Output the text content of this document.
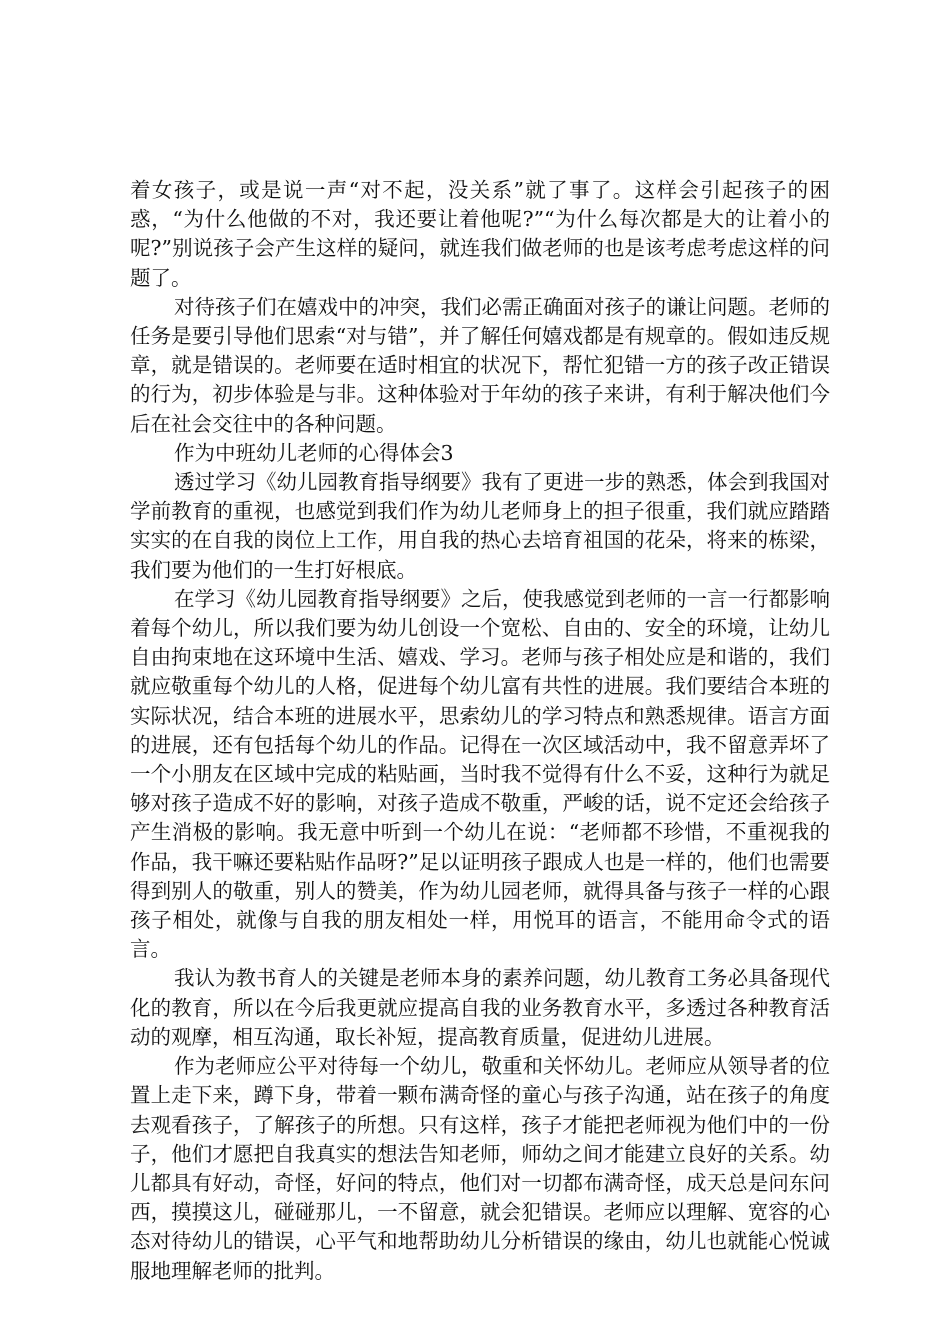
着女孩子，或是说一声“对不起，没关系”就了事了。这样会引起孩子的困惑，“为什么他做的不对，我还要让着他呢?”“为什么每次都是大的让着小的呢?”别说孩子会产生这样的疑问，就连我们做老师的也是该考虑考虑这样的问题了。

对待孩子们在嬉戏中的冲突，我们必需正确面对孩子的谦让问题。老师的任务是要引导他们思索“对与错”，并了解任何嬉戏都是有规章的。假如违反规章，就是错误的。老师要在适时相宜的状况下，帮忙犯错一方的孩子改正错误的行为，初步体验是与非。这种体验对于年幼的孩子来讲，有利于解决他们今后在社会交往中的各种问题。

作为中班幼儿老师的心得体会3

透过学习《幼儿园教育指导纲要》我有了更进一步的熟悉，体会到我国对学前教育的重视，也感觉到我们作为幼儿老师身上的担子很重，我们就应踏踏实实的在自我的岗位上工作，用自我的热心去培育祖国的花朵，将来的栋梁，我们要为他们的一生打好根底。

在学习《幼儿园教育指导纲要》之后，使我感觉到老师的一言一行都影响着每个幼儿，所以我们要为幼儿创设一个宽松、自由的、安全的环境，让幼儿自由拘束地在这环境中生活、嬉戏、学习。老师与孩子相处应是和谐的，我们就应敬重每个幼儿的人格，促进每个幼儿富有共性的进展。我们要结合本班的实际状况，结合本班的进展水平，思索幼儿的学习特点和熟悉规律。语言方面的进展，还有包括每个幼儿的作品。记得在一次区域活动中，我不留意弄坏了一个小朋友在区域中完成的粘贴画，当时我不觉得有什么不妥，这种行为就足够对孩子造成不好的影响，对孩子造成不敬重，严峻的话，说不定还会给孩子产生消极的影响。我无意中听到一个幼儿在说：“老师都不珍惜，不重视我的作品，我干嘛还要粘贴作品呀?”足以证明孩子跟成人也是一样的，他们也需要得到别人的敬重，别人的赞美，作为幼儿园老师，就得具备与孩子一样的心跟孩子相处，就像与自我的朋友相处一样，用悦耳的语言，不能用命令式的语言。

我认为教书育人的关键是老师本身的素养问题，幼儿教育工务必具备现代化的教育，所以在今后我更就应提高自我的业务教育水平，多透过各种教育活动的观摩，相互沟通，取长补短，提高教育质量，促进幼儿进展。

作为老师应公平对待每一个幼儿，敬重和关怀幼儿。老师应从领导者的位置上走下来，蹲下身，带着一颗布满奇怪的童心与孩子沟通，站在孩子的角度去观看孩子，了解孩子的所想。只有这样，孩子才能把老师视为他们中的一份子，他们才愿把自我真实的想法告知老师，师幼之间才能建立良好的关系。幼儿都具有好动，奇怪，好问的特点，他们对一切都布满奇怪，成天总是问东问西，摸摸这儿，碰碰那儿，一不留意，就会犯错误。老师应以理解、宽容的心态对待幼儿的错误，心平气和地帮助幼儿分析错误的缘由，幼儿也就能心悦诚服地理解老师的批判。
